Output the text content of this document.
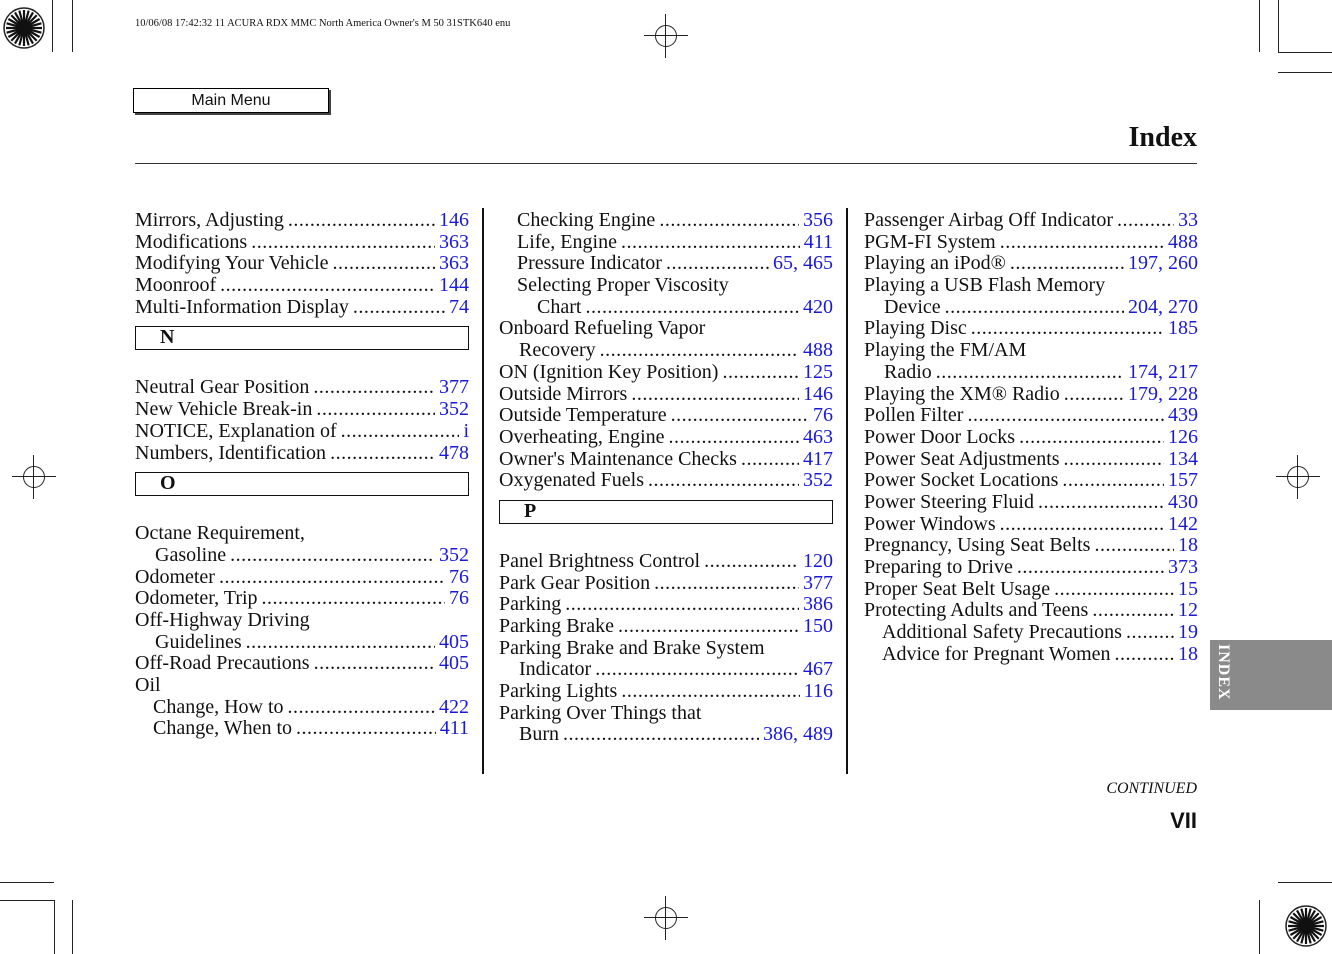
10/06/08 17:42:32 11 ACURA RDX MMC North America Owner's M 50 31STK640 enu
Main Menu
Index
Mirrors, Adjusting .....	146
Modifications .....	363
Modifying Your Vehicle .....	363
Moonroof .....	144
Multi-Information Display .....	74
N
Neutral Gear Position .....	377
New Vehicle Break-in .....	352
NOTICE, Explanation of .....	i
Numbers, Identification .....	478
O
Octane Requirement,
Gasoline .....	352
Odometer .....	76
Odometer, Trip .....	76
Off-Highway Driving
Guidelines .....	405
Off-Road Precautions .....	405
Oil
Change, How to .....	422
Change, When to .....	411
Checking Engine .....	356
Life, Engine .....	411
Pressure Indicator .....	65, 465
Selecting Proper Viscosity
Chart .....	420
Onboard Refueling Vapor
Recovery .....	488
ON (Ignition Key Position) .....	125
Outside Mirrors .....	146
Outside Temperature .....	76
Overheating, Engine .....	463
Owner's Maintenance Checks .....	417
Oxygenated Fuels .....	352
P
Panel Brightness Control .....	120
Park Gear Position .....	377
Parking .....	386
Parking Brake .....	150
Parking Brake and Brake System
Indicator .....	467
Parking Lights .....	116
Parking Over Things that
Burn .....	386, 489
Passenger Airbag Off Indicator .....	33
PGM-FI System .....	488
Playing an iPod® .....	197, 260
Playing a USB Flash Memory
Device .....	204, 270
Playing Disc .....	185
Playing the FM/AM
Radio .....	174, 217
Playing the XM® Radio .....	179, 228
Pollen Filter .....	439
Power Door Locks .....	126
Power Seat Adjustments .....	134
Power Socket Locations .....	157
Power Steering Fluid .....	430
Power Windows .....	142
Pregnancy, Using Seat Belts .....	18
Preparing to Drive .....	373
Proper Seat Belt Usage .....	15
Protecting Adults and Teens .....	12
Additional Safety Precautions .....	19
Advice for Pregnant Women .....	18 INDEX
CONTINUED
VII
